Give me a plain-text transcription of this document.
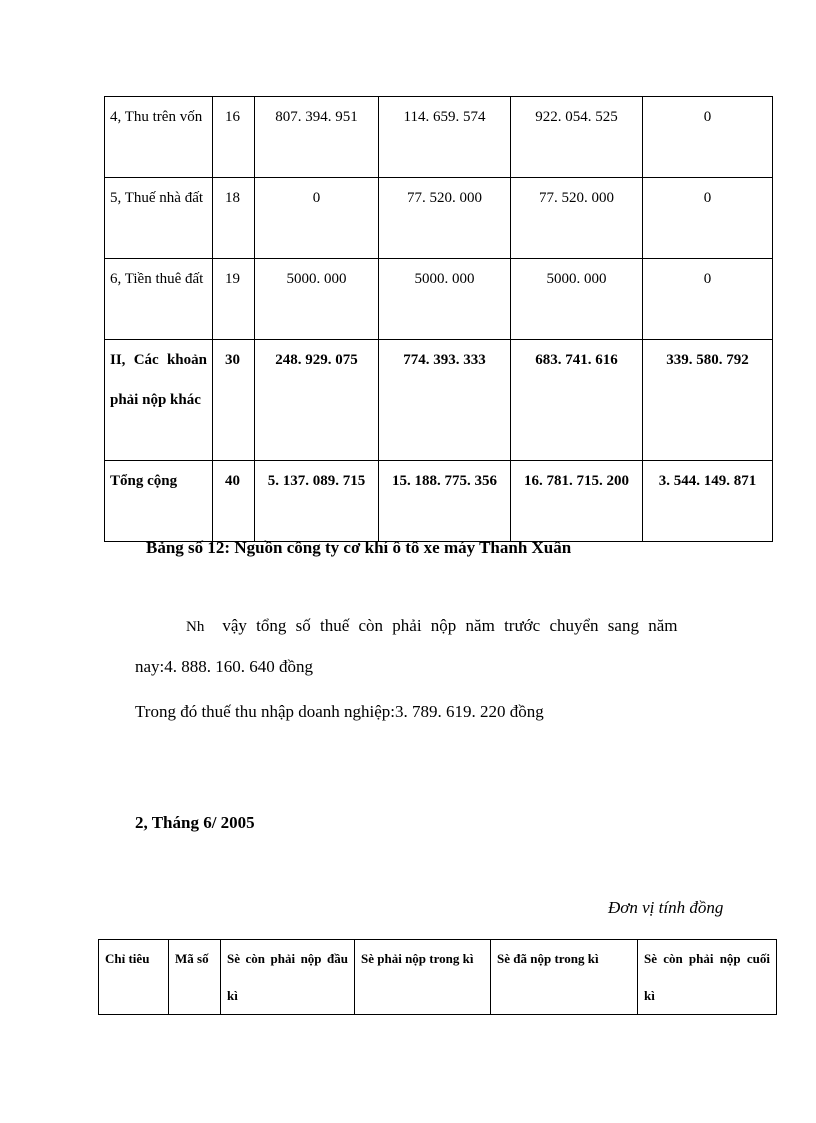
4, Thu trên vốn	16	807. 394. 951	114. 659. 574	922. 054. 525	0
5, Thuế nhà đất	18	0	77. 520. 000	77. 520. 000	0
6, Tiền thuê đất	19	5000. 000	5000. 000	5000. 000	0
II, Các khoản phải nộp khác	30	248. 929. 075	774. 393. 333	683. 741. 616	339. 580. 792
Tổng cộng	40	5. 137. 089. 715	15. 188. 775. 356	16. 781. 715. 200	3. 544. 149. 871
Bảng số 12: Nguồn công ty cơ khí ô tô xe máy Thanh Xuân
Nh vậy tổng số thuế còn phải nộp năm trước chuyển sang năm
nay:4. 888. 160. 640 đồng
Trong đó thuế thu nhập doanh nghiệp:3. 789. 619. 220 đồng
2, Tháng 6/ 2005
Đơn vị tính đồng
Chỉ tiêu	Mã số	Sè còn phải nộp đầu kì	Sè phải nộp trong kì	Sè đã nộp trong kì	Sè còn phải nộp cuối kì
